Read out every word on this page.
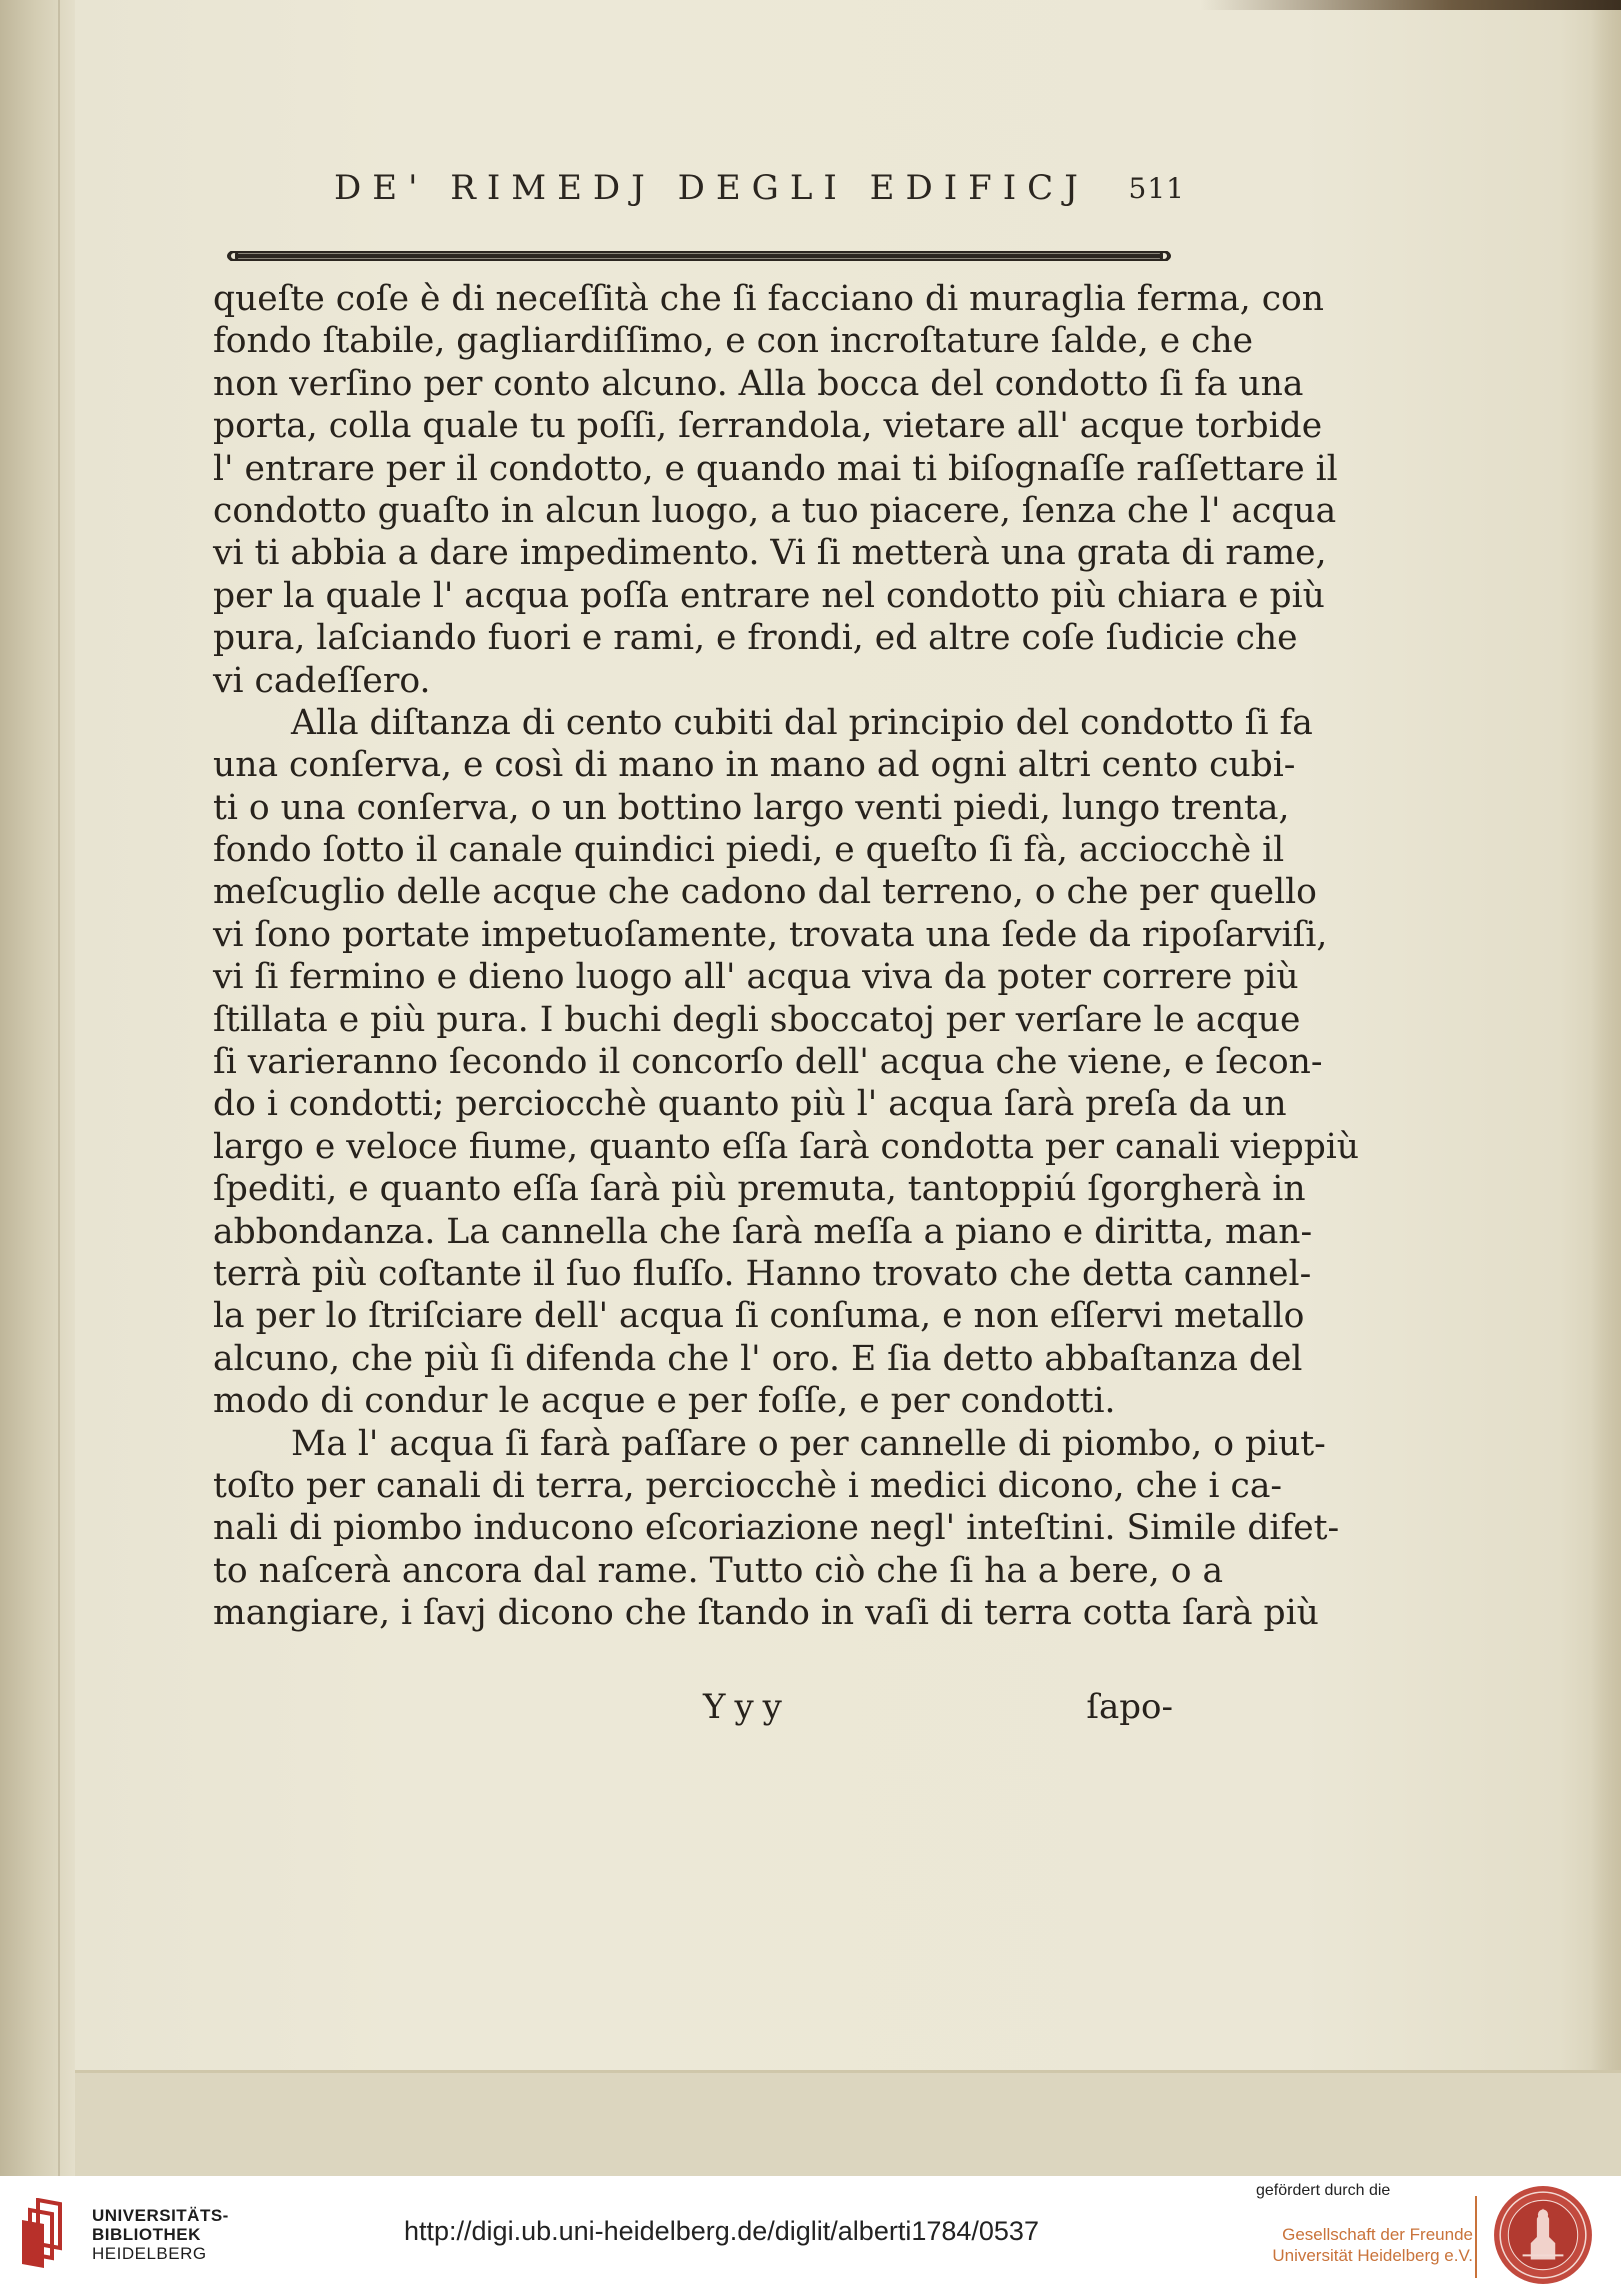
DE' RIMEDJ DEGLI EDIFICJ 511
queſte coſe è di neceſſità che ſi facciano di muraglia ferma, con
fondo ſtabile, gagliardiſſimo, e con incroſtature ſalde, e che
non verſino per conto alcuno. Alla bocca del condotto ſi fa una
porta, colla quale tu poſſi, ſerrandola, vietare all' acque torbide
l' entrare per il condotto, e quando mai ti biſognaſſe raſſettare il
condotto guaſto in alcun luogo, a tuo piacere, ſenza che l' acqua
vi ti abbia a dare impedimento. Vi ſi metterà una grata di rame,
per la quale l' acqua poſſa entrare nel condotto più chiara e più
pura, laſciando fuori e rami, e frondi, ed altre coſe ſudicie che
vi cadeſſero.
Alla diſtanza di cento cubiti dal principio del condotto ſi fa
una conſerva, e così di mano in mano ad ogni altri cento cubi-
ti o una conſerva, o un bottino largo venti piedi, lungo trenta,
fondo ſotto il canale quindici piedi, e queſto ſi fà, acciocchè il
meſcuglio delle acque che cadono dal terreno, o che per quello
vi ſono portate impetuoſamente, trovata una ſede da ripoſarviſi,
vi ſi fermino e dieno luogo all' acqua viva da poter correre più
ſtillata e più pura. I buchi degli sboccatoj per verſare le acque
ſi varieranno ſecondo il concorſo dell' acqua che viene, e ſecon-
do i condotti; perciocchè quanto più l' acqua ſarà preſa da un
largo e veloce fiume, quanto eſſa ſarà condotta per canali vieppiù
ſpediti, e quanto eſſa ſarà più premuta, tantoppiú ſgorgherà in
abbondanza. La cannella che ſarà meſſa a piano e diritta, man-
terrà più coſtante il ſuo fluſſo. Hanno trovato che detta cannel-
la per lo ſtriſciare dell' acqua ſi conſuma, e non eſſervi metallo
alcuno, che più ſi difenda che l' oro. E ſia detto abbaſtanza del
modo di condur le acque e per foſſe, e per condotti.
Ma l' acqua ſi farà paſſare o per cannelle di piombo, o piut-
toſto per canali di terra, perciocchè i medici dicono, che i ca-
nali di piombo inducono eſcoriazione negl' inteſtini. Simile difet-
to naſcerà ancora dal rame. Tutto ciò che ſi ha a bere, o a
mangiare, i ſavj dicono che ſtando in vaſi di terra cotta ſarà più
Yyy	ſapo-
UNIVERSITÄTS-
BIBLIOTHEK
HEIDELBERG
http://digi.ub.uni-heidelberg.de/diglit/alberti1784/0537
gefördert durch die
Gesellschaft der Freunde
Universität Heidelberg e.V.
